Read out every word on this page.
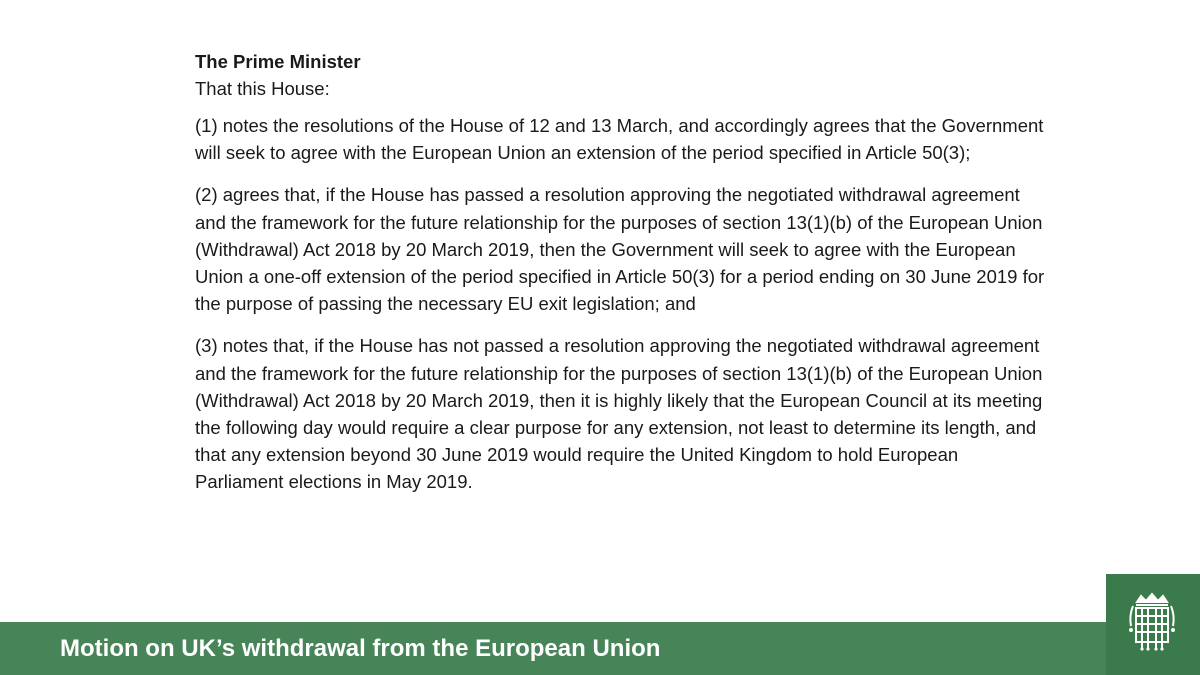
The Prime Minister

That this House:

(1) notes the resolutions of the House of 12 and 13 March, and accordingly agrees that the Government will seek to agree with the European Union an extension of the period specified in Article 50(3);

(2) agrees that, if the House has passed a resolution approving the negotiated withdrawal agreement and the framework for the future relationship for the purposes of section 13(1)(b) of the European Union (Withdrawal) Act 2018 by 20 March 2019, then the Government will seek to agree with the European Union a one-off extension of the period specified in Article 50(3) for a period ending on 30 June 2019 for the purpose of passing the necessary EU exit legislation; and

(3) notes that, if the House has not passed a resolution approving the negotiated withdrawal agreement and the framework for the future relationship for the purposes of section 13(1)(b) of the European Union (Withdrawal) Act 2018 by 20 March 2019, then it is highly likely that the European Council at its meeting the following day would require a clear purpose for any extension, not least to determine its length, and that any extension beyond 30 June 2019 would require the United Kingdom to hold European Parliament elections in May 2019.

Motion on UK’s withdrawal from the European Union
